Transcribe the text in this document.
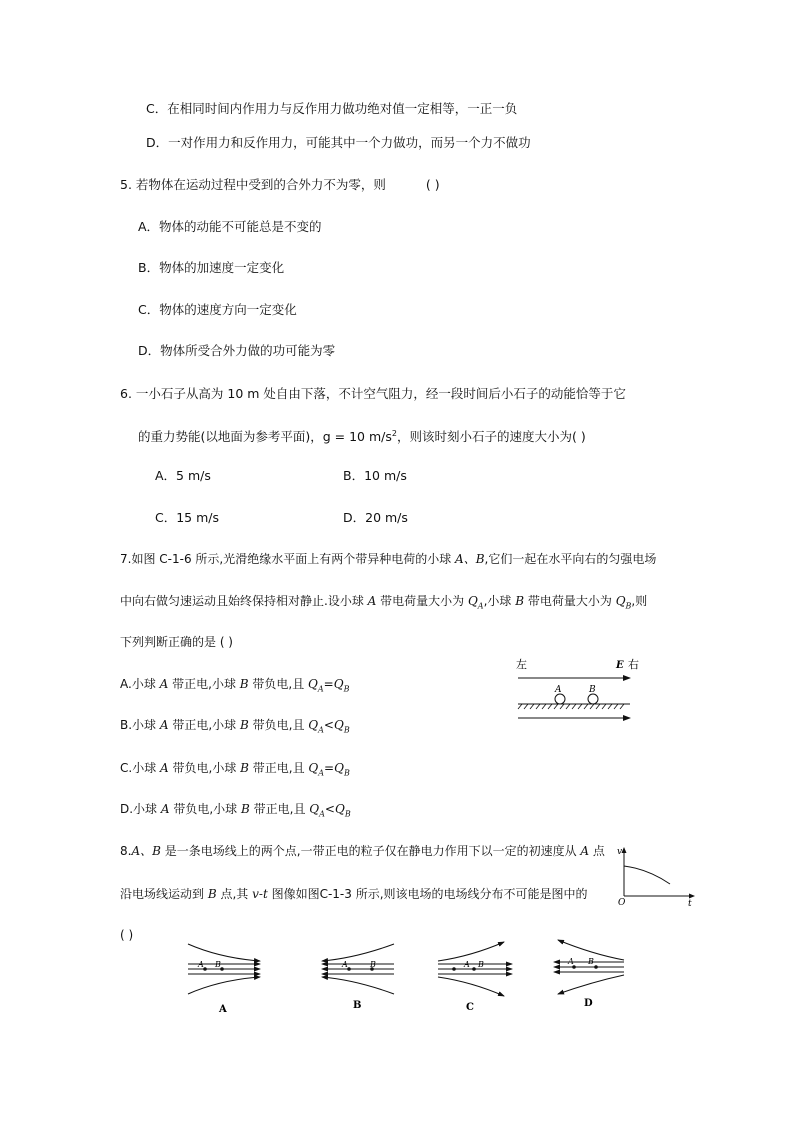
C．在相同时间内作用力与反作用力做功绝对值一定相等，一正一负
D．一对作用力和反作用力，可能其中一个力做功，而另一个力不做功
5. 若物体在运动过程中受到的合外力不为零，则	( )
A．物体的动能不可能总是不变的
B．物体的加速度一定变化
C．物体的速度方向一定变化
D．物体所受合外力做的功可能为零
6. 一小石子从高为 10 m 处自由下落，不计空气阻力，经一段时间后小石子的动能恰等于它
的重力势能(以地面为参考平面)，g = 10 $m/s^2$，则该时刻小石子的速度大小为( )
A．5 m/s	B．10 m/s
C．15 m/s	D．20 m/s
7.如图 C-1-6 所示,光滑绝缘水平面上有两个带异种电荷的小球 A、B,它们一起在水平向右的匀强电场
中向右做匀速运动且始终保持相对静止.设小球 A 带电荷量大小为 $Q_A$,小球 B 带电荷量大小为 $Q_B$,则
下列判断正确的是 ( )
A.小球 A 带正电,小球 B 带负电,且 $Q_A=Q_B$
B.小球 A 带正电,小球 B 带负电,且 $Q_A<Q_B$
C.小球 A 带负电,小球 B 带正电,且 $Q_A=Q_B$
D.小球 A 带负电,小球 B 带正电,且 $Q_A<Q_B$
左	E 右
A	B
8.A、B 是一条电场线上的两个点,一带正电的粒子仅在静电力作用下以一定的初速度从 A 点
沿电场线运动到 B 点,其 v-t 图像如图C-1-3 所示,则该电场的电场线分布不可能是图中的
( )
v
O	t
A B
A
A	B
B
A B
C
A B
D
